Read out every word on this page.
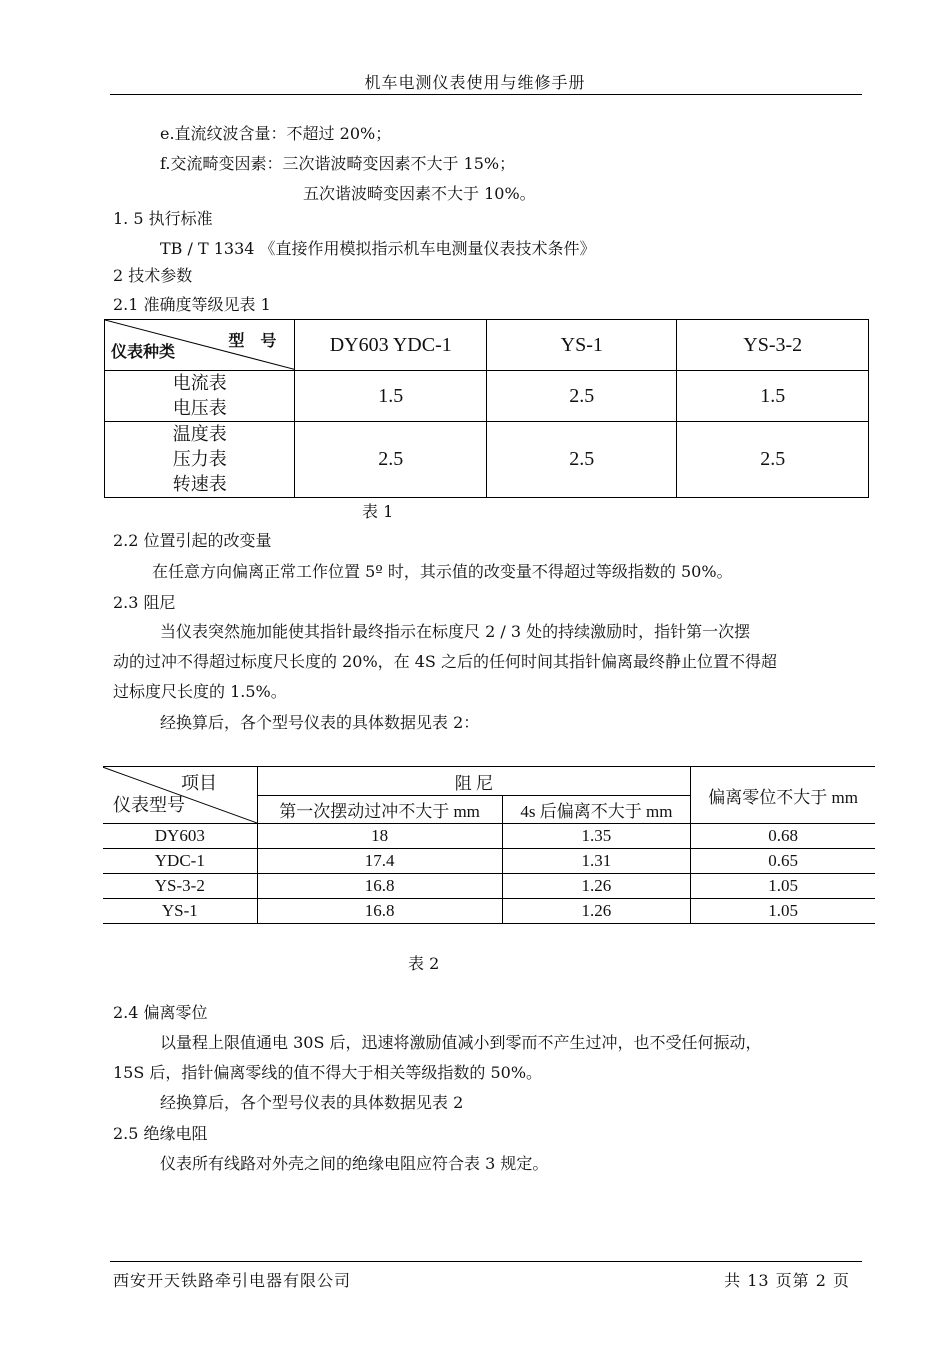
机车电测仪表使用与维修手册
e.直流纹波含量：不超过 20%；
f.交流畸变因素：三次谐波畸变因素不大于 15%；
五次谐波畸变因素不大于 10%。
1. 5 执行标准
TB / T 1334 《直接作用模拟指示机车电测量仪表技术条件》
2 技术参数
2.1 准确度等级见表 1
型 号
仪表种类	DY603 YDC-1	YS-1	YS-3-2

电流表
电压表	1.5	2.5	1.5

温度表
压力表
转速表	2.5	2.5	2.5
表 1
2.2 位置引起的改变量
在任意方向偏离正常工作位置 5º 时，其示值的改变量不得超过等级指数的 50%。
2.3 阻尼
当仪表突然施加能使其指针最终指示在标度尺 2 / 3 处的持续激励时，指针第一次摆
动的过冲不得超过标度尺长度的 20%，在 4S 之后的任何时间其指针偏离最终静止位置不得超
过标度尺长度的 1.5%。
经换算后，各个型号仪表的具体数据见表 2：
项目
仪表型号	阻 尼		偏离零位不大于 mm
	第一次摆动过冲不大于 mm	4s 后偏离不大于 mm	
DY603	18	1.35	0.68
YDC-1	17.4	1.31	0.65
YS-3-2	16.8	1.26	1.05
YS-1	16.8	1.26	1.05
表 2
2.4 偏离零位
以量程上限值通电 30S 后，迅速将激励值减小到零而不产生过冲，也不受任何振动，
15S 后，指针偏离零线的值不得大于相关等级指数的 50%。
经换算后，各个型号仪表的具体数据见表 2
2.5 绝缘电阻
仪表所有线路对外壳之间的绝缘电阻应符合表 3 规定。
西安开天铁路牵引电器有限公司	共 13 页第 2 页
